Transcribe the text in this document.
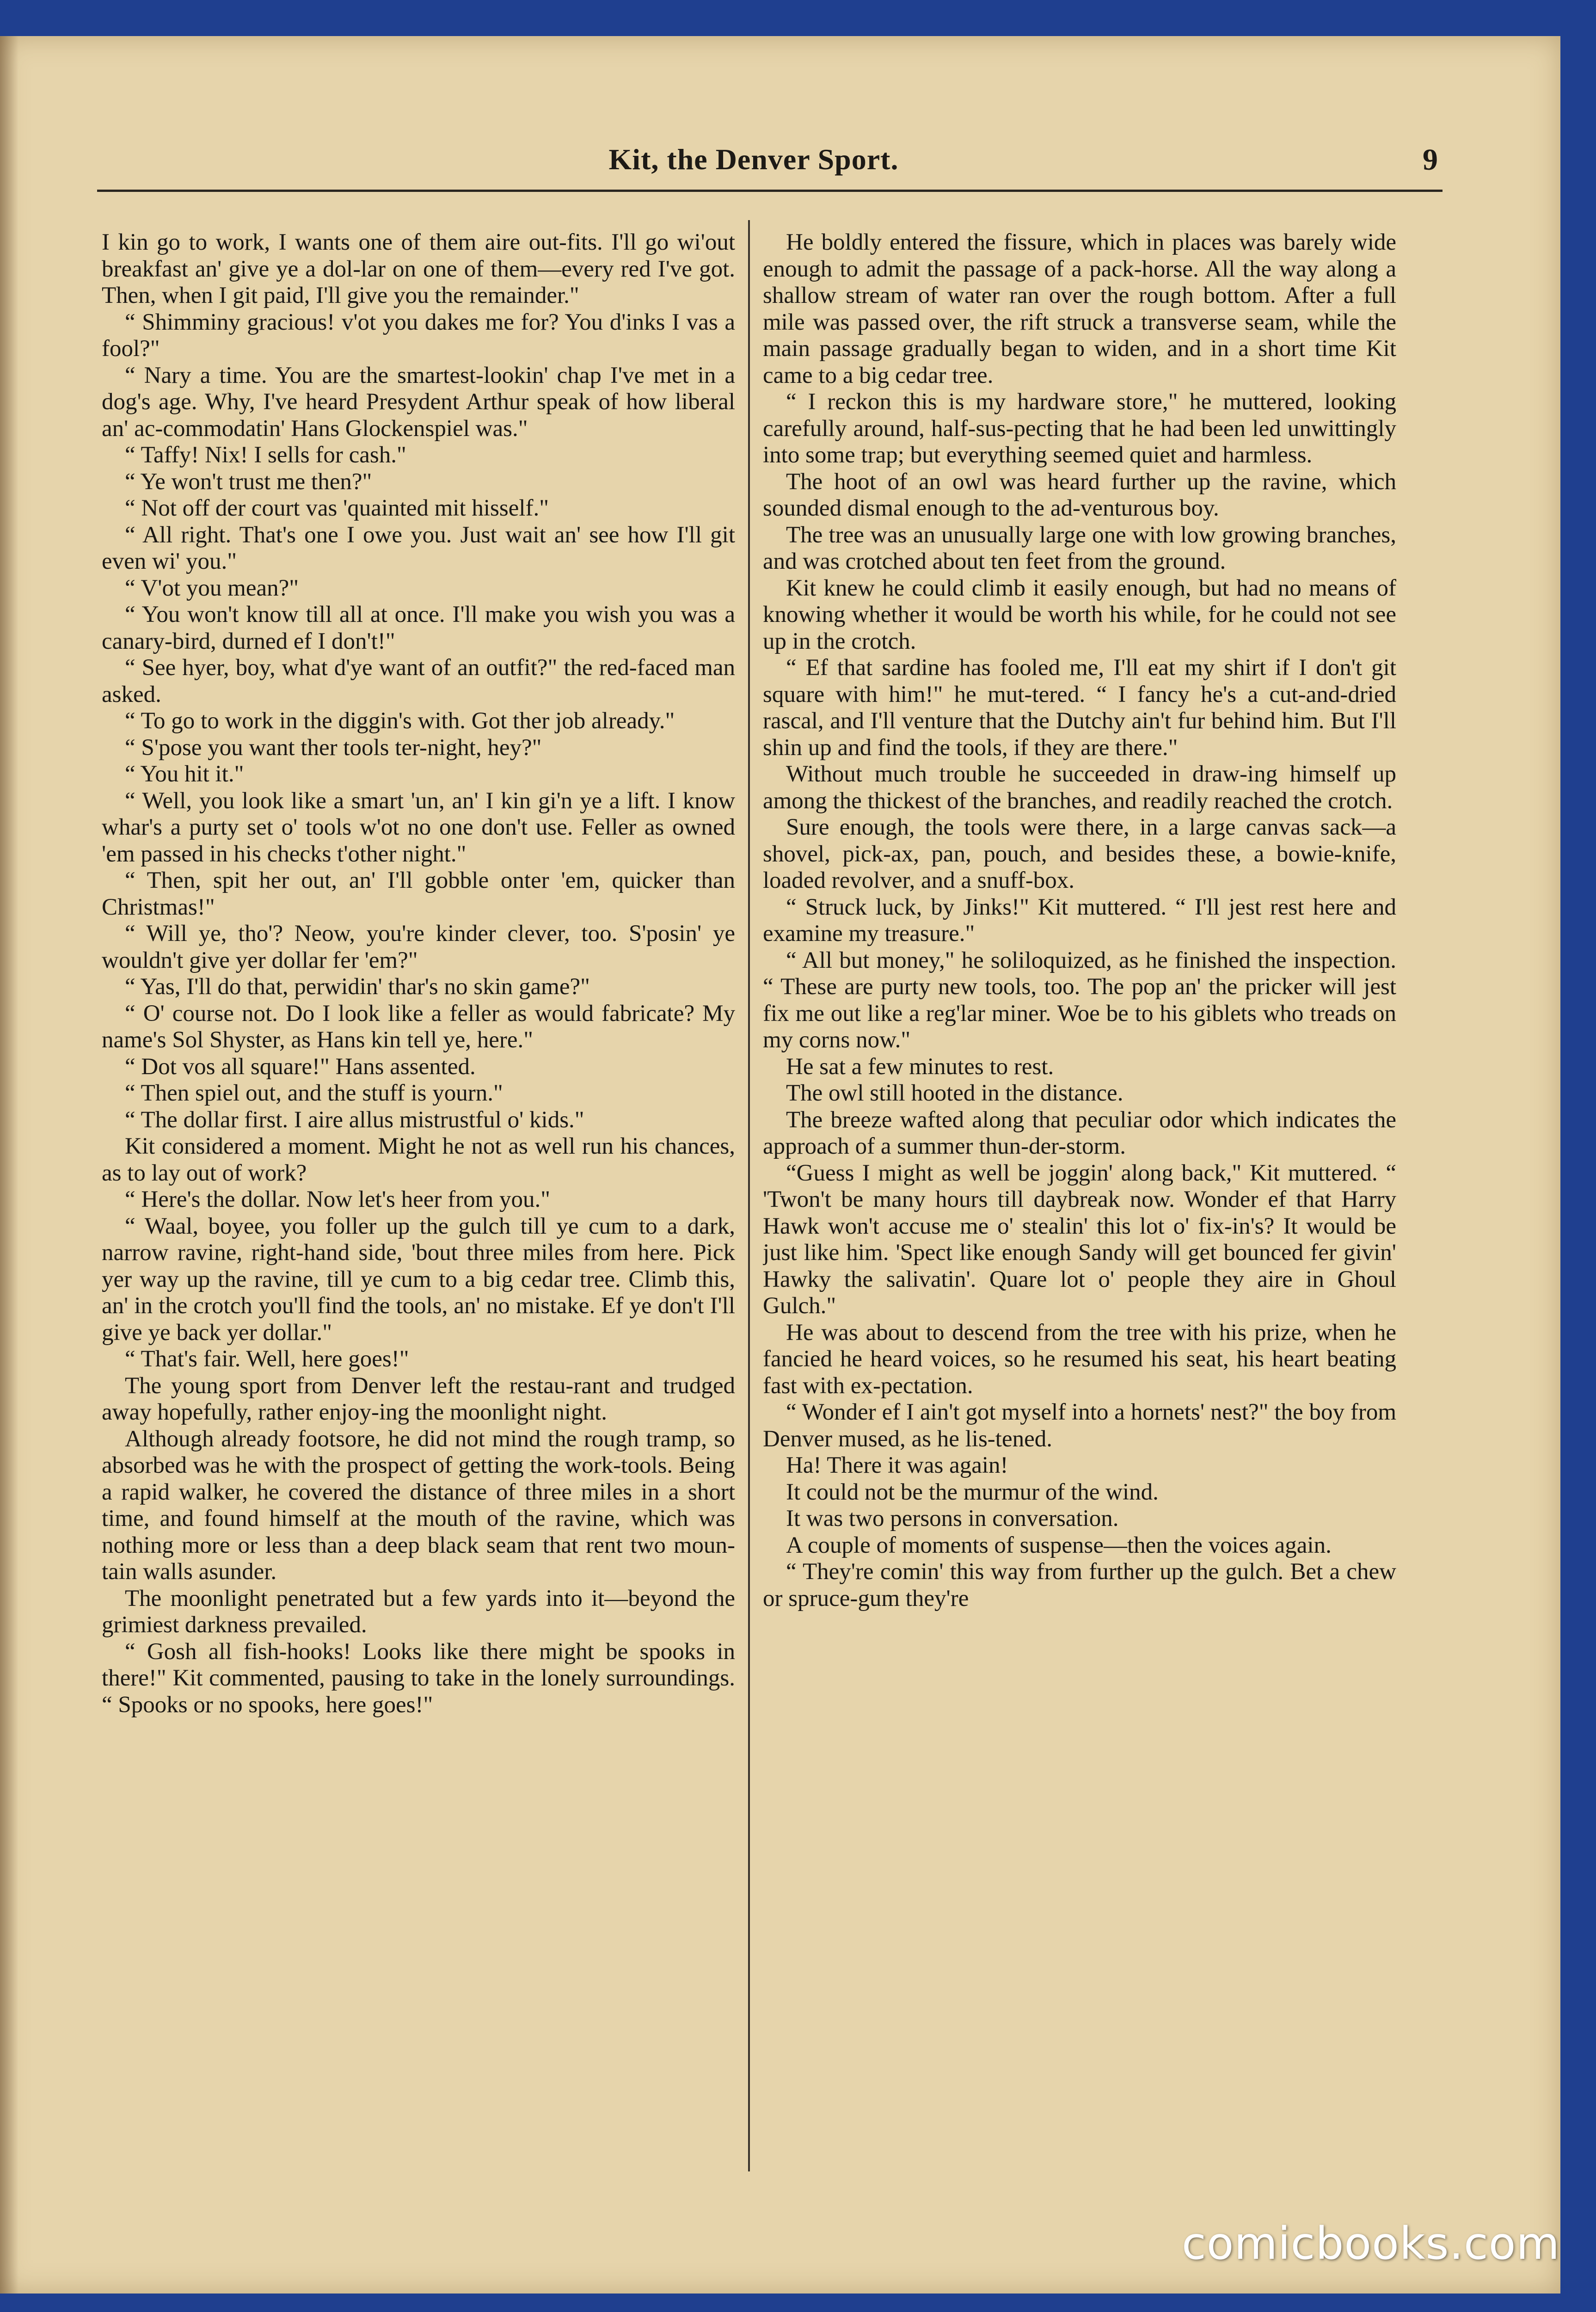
Kit, the Denver Sport.	9

I kin go to work, I wants one of them aire out-fits. I'll go wi'out breakfast an' give ye a dol-lar on one of them—every red I've got. Then, when I git paid, I'll give you the remainder."

“ Shimminy gracious! v'ot you dakes me for? You d'inks I vas a fool?"

“ Nary a time. You are the smartest-lookin' chap I've met in a dog's age. Why, I've heard Presydent Arthur speak of how liberal an' ac-commodatin' Hans Glockenspiel was."

“ Taffy! Nix! I sells for cash."

“ Ye won't trust me then?"

“ Not off der court vas 'quainted mit hisself."

“ All right. That's one I owe you. Just wait an' see how I'll git even wi' you."

“ V'ot you mean?"

“ You won't know till all at once. I'll make you wish you was a canary-bird, durned ef I don't!"

“ See hyer, boy, what d'ye want of an outfit?" the red-faced man asked.

“ To go to work in the diggin's with. Got ther job already."

“ S'pose you want ther tools ter-night, hey?"

“ You hit it."

“ Well, you look like a smart 'un, an' I kin gi'n ye a lift. I know whar's a purty set o' tools w'ot no one don't use. Feller as owned 'em passed in his checks t'other night."

“ Then, spit her out, an' I'll gobble onter 'em, quicker than Christmas!"

“ Will ye, tho'? Neow, you're kinder clever, too. S'posin' ye wouldn't give yer dollar fer 'em?"

“ Yas, I'll do that, perwidin' thar's no skin game?"

“ O' course not. Do I look like a feller as would fabricate? My name's Sol Shyster, as Hans kin tell ye, here."

“ Dot vos all square!" Hans assented.

“ Then spiel out, and the stuff is yourn."

“ The dollar first. I aire allus mistrustful o' kids."

Kit considered a moment. Might he not as well run his chances, as to lay out of work?

“ Here's the dollar. Now let's heer from you."

“ Waal, boyee, you foller up the gulch till ye cum to a dark, narrow ravine, right-hand side, 'bout three miles from here. Pick yer way up the ravine, till ye cum to a big cedar tree. Climb this, an' in the crotch you'll find the tools, an' no mistake. Ef ye don't I'll give ye back yer dollar."

“ That's fair. Well, here goes!"

The young sport from Denver left the restau-rant and trudged away hopefully, rather enjoy-ing the moonlight night.

Although already footsore, he did not mind the rough tramp, so absorbed was he with the prospect of getting the work-tools. Being a rapid walker, he covered the distance of three miles in a short time, and found himself at the mouth of the ravine, which was nothing more or less than a deep black seam that rent two moun-tain walls asunder.

The moonlight penetrated but a few yards into it—beyond the grimiest darkness prevailed.

“ Gosh all fish-hooks! Looks like there might be spooks in there!" Kit commented, pausing to take in the lonely surroundings. “ Spooks or no spooks, here goes!"

He boldly entered the fissure, which in places was barely wide enough to admit the passage of a pack-horse. All the way along a shallow stream of water ran over the rough bottom. After a full mile was passed over, the rift struck a transverse seam, while the main passage gradually began to widen, and in a short time Kit came to a big cedar tree.

“ I reckon this is my hardware store," he muttered, looking carefully around, half-sus-pecting that he had been led unwittingly into some trap; but everything seemed quiet and harmless.

The hoot of an owl was heard further up the ravine, which sounded dismal enough to the ad-venturous boy.

The tree was an unusually large one with low growing branches, and was crotched about ten feet from the ground.

Kit knew he could climb it easily enough, but had no means of knowing whether it would be worth his while, for he could not see up in the crotch.

“ Ef that sardine has fooled me, I'll eat my shirt if I don't git square with him!" he mut-tered. “ I fancy he's a cut-and-dried rascal, and I'll venture that the Dutchy ain't fur behind him. But I'll shin up and find the tools, if they are there."

Without much trouble he succeeded in draw-ing himself up among the thickest of the branches, and readily reached the crotch.

Sure enough, the tools were there, in a large canvas sack—a shovel, pick-ax, pan, pouch, and besides these, a bowie-knife, loaded revolver, and a snuff-box.

“ Struck luck, by Jinks!" Kit muttered. “ I'll jest rest here and examine my treasure."

“ All but money," he soliloquized, as he finished the inspection. “ These are purty new tools, too. The pop an' the pricker will jest fix me out like a reg'lar miner. Woe be to his giblets who treads on my corns now."

He sat a few minutes to rest.

The owl still hooted in the distance.

The breeze wafted along that peculiar odor which indicates the approach of a summer thun-der-storm.

“Guess I might as well be joggin' along back," Kit muttered. “ 'Twon't be many hours till daybreak now. Wonder ef that Harry Hawk won't accuse me o' stealin' this lot o' fix-in's? It would be just like him. 'Spect like enough Sandy will get bounced fer givin' Hawky the salivatin'. Quare lot o' people they aire in Ghoul Gulch."

He was about to descend from the tree with his prize, when he fancied he heard voices, so he resumed his seat, his heart beating fast with ex-pectation.

“ Wonder ef I ain't got myself into a hornets' nest?" the boy from Denver mused, as he lis-tened.

Ha! There it was again!

It could not be the murmur of the wind.

It was two persons in conversation.

A couple of moments of suspense—then the voices again.

“ They're comin' this way from further up the gulch. Bet a chew or spruce-gum they're

comicbooks.com
